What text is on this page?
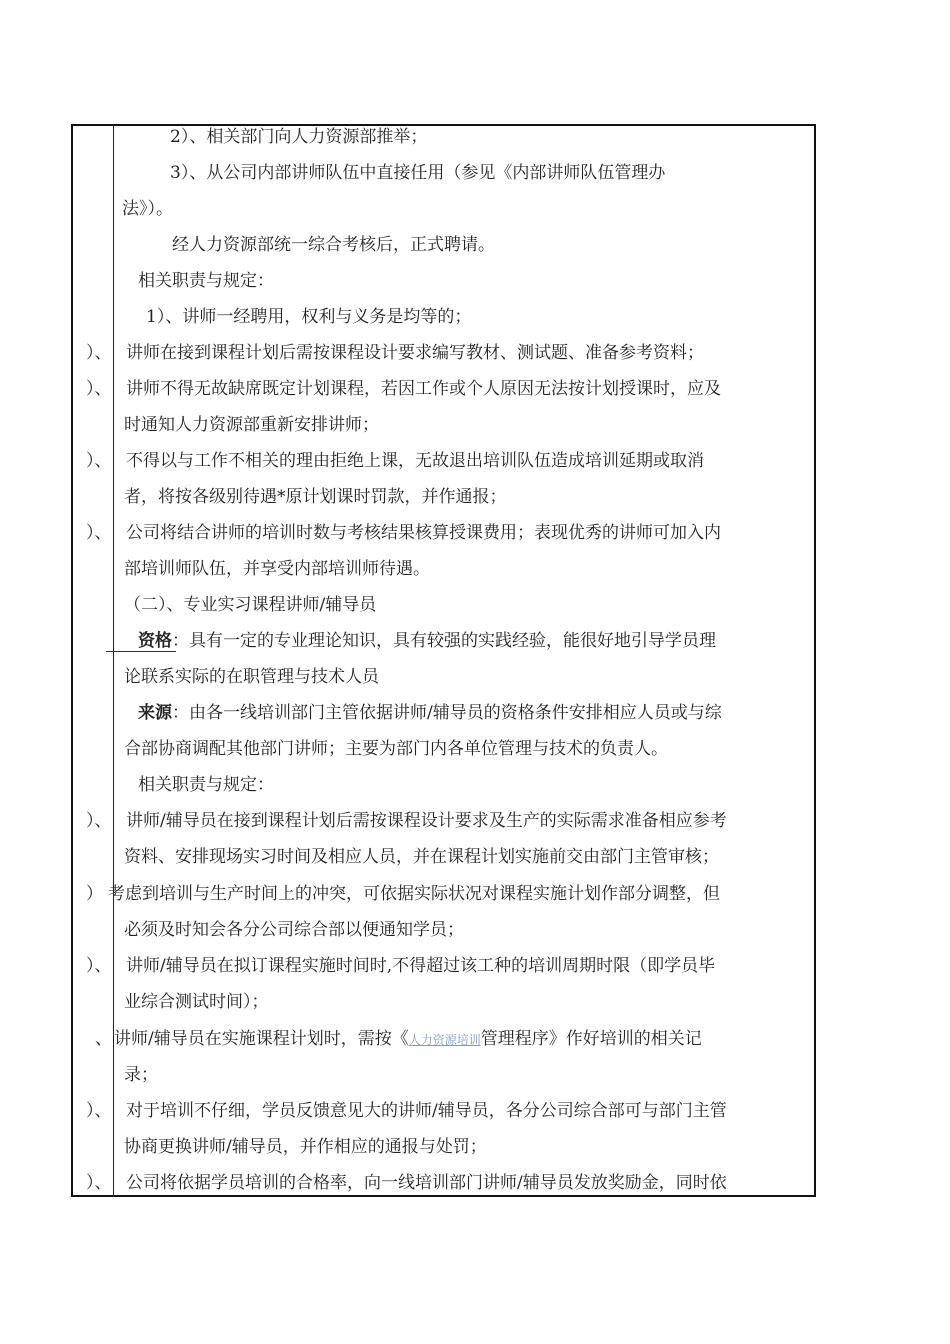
）、
）、
）、
）、
）、
）
）、
、
）、
）、
2）、相关部门向人力资源部推举；
3）、从公司内部讲师队伍中直接任用（参见《内部讲师队伍管理办
法》）。
经人力资源部统一综合考核后，正式聘请。
相关职责与规定：
1）、讲师一经聘用，权利与义务是均等的；
讲师在接到课程计划后需按课程设计要求编写教材、测试题、准备参考资料；
讲师不得无故缺席既定计划课程，若因工作或个人原因无法按计划授课时，应及
时通知人力资源部重新安排讲师；
不得以与工作不相关的理由拒绝上课，无故退出培训队伍造成培训延期或取消
者，将按各级别待遇*原计划课时罚款，并作通报；
公司将结合讲师的培训时数与考核结果核算授课费用；表现优秀的讲师可加入内
部培训师队伍，并享受内部培训师待遇。
（二）、专业实习课程讲师/辅导员
资格：具有一定的专业理论知识，具有较强的实践经验，能很好地引导学员理
论联系实际的在职管理与技术人员
来源：由各一线培训部门主管依据讲师/辅导员的资格条件安排相应人员或与综
合部协商调配其他部门讲师；主要为部门内各单位管理与技术的负责人。
相关职责与规定：
讲师/辅导员在接到课程计划后需按课程设计要求及生产的实际需求准备相应参考
资料、安排现场实习时间及相应人员，并在课程计划实施前交由部门主管审核；
考虑到培训与生产时间上的冲突，可依据实际状况对课程实施计划作部分调整，但
必须及时知会各分公司综合部以便通知学员；
讲师/辅导员在拟订课程实施时间时,不得超过该工种的培训周期时限（即学员毕
业综合测试时间）；
讲师/辅导员在实施课程计划时，需按《人力资源培训管理程序》作好培训的相关记
录；
对于培训不仔细，学员反馈意见大的讲师/辅导员，各分公司综合部可与部门主管
协商更换讲师/辅导员，并作相应的通报与处罚；
公司将依据学员培训的合格率，向一线培训部门讲师/辅导员发放奖励金，同时依
